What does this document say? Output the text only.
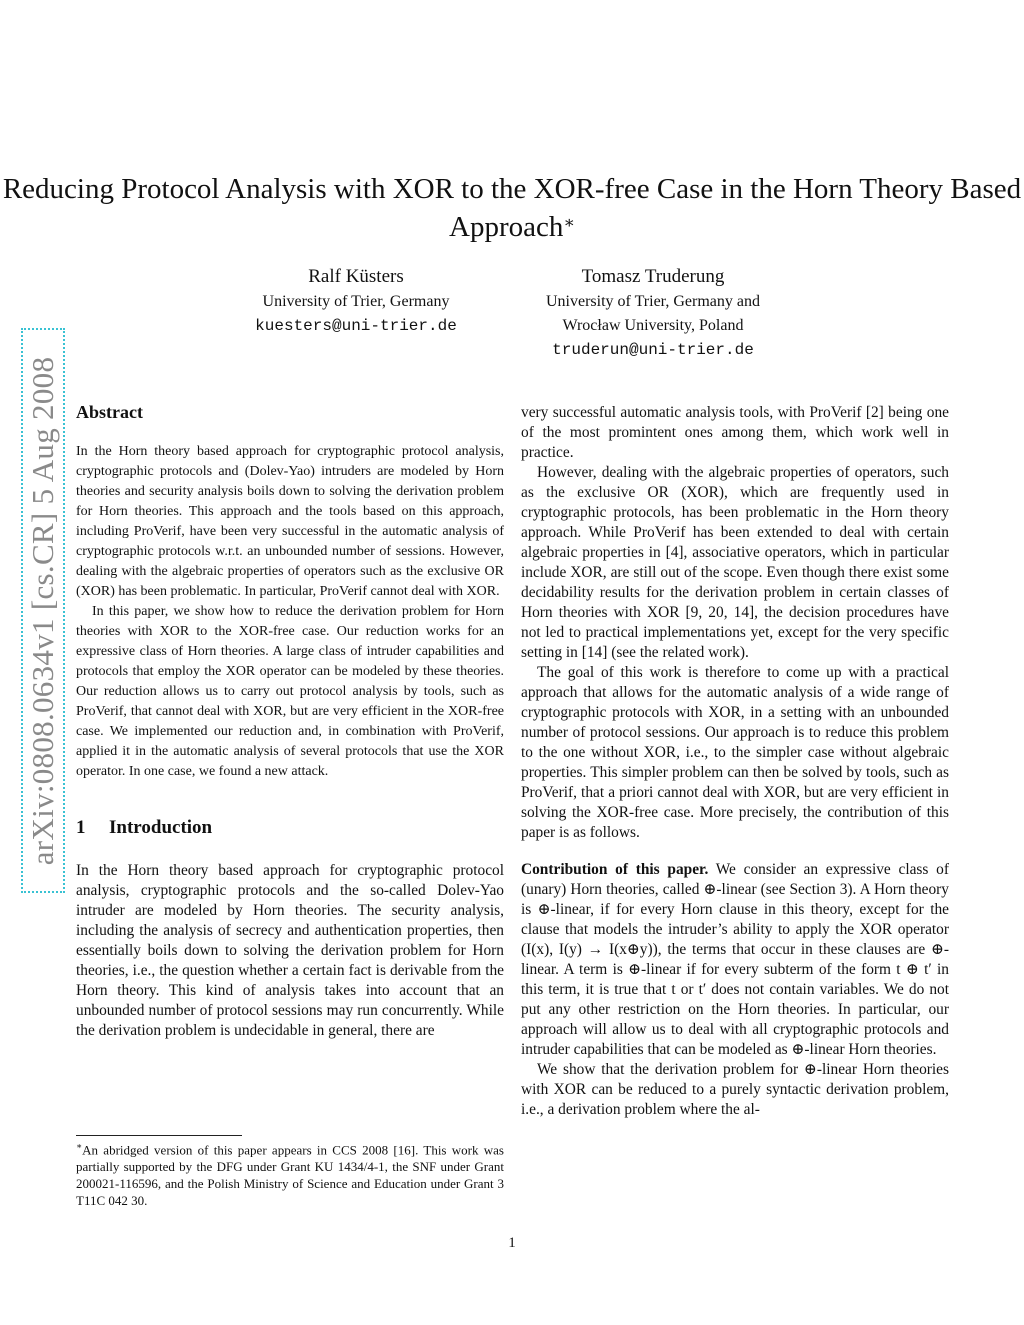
arXiv:0808.0634v1 [cs.CR] 5 Aug 2008
Reducing Protocol Analysis with XOR to the XOR-free Case in the Horn Theory Based Approach∗
Ralf Küsters
University of Trier, Germany
kuesters@uni-trier.de
Tomasz Truderung
University of Trier, Germany and
Wrocław University, Poland
truderun@uni-trier.de
Abstract

In the Horn theory based approach for cryptographic protocol analysis, cryptographic protocols and (Dolev-Yao) intruders are modeled by Horn theories and security analysis boils down to solving the derivation problem for Horn theories. This approach and the tools based on this approach, including ProVerif, have been very successful in the automatic analysis of cryptographic protocols w.r.t. an unbounded number of sessions. However, dealing with the algebraic properties of operators such as the exclusive OR (XOR) has been problematic. In particular, ProVerif cannot deal with XOR.

In this paper, we show how to reduce the derivation problem for Horn theories with XOR to the XOR-free case. Our reduction works for an expressive class of Horn theories. A large class of intruder capabilities and protocols that employ the XOR operator can be modeled by these theories. Our reduction allows us to carry out protocol analysis by tools, such as ProVerif, that cannot deal with XOR, but are very efficient in the XOR-free case. We implemented our reduction and, in combination with ProVerif, applied it in the automatic analysis of several protocols that use the XOR operator. In one case, we found a new attack.

1 Introduction

In the Horn theory based approach for cryptographic protocol analysis, cryptographic protocols and the so-called Dolev-Yao intruder are modeled by Horn theories. The security analysis, including the analysis of secrecy and authentication properties, then essentially boils down to solving the derivation problem for Horn theories, i.e., the question whether a certain fact is derivable from the Horn theory. This kind of analysis takes into account that an unbounded number of protocol sessions may run concurrently. While the derivation problem is undecidable in general, there are

∗An abridged version of this paper appears in CCS 2008 [16]. This work was partially supported by the DFG under Grant KU 1434/4-1, the SNF under Grant 200021-116596, and the Polish Ministry of Science and Education under Grant 3 T11C 042 30.

very successful automatic analysis tools, with ProVerif [2] being one of the most promintent ones among them, which work well in practice.

However, dealing with the algebraic properties of operators, such as the exclusive OR (XOR), which are frequently used in cryptographic protocols, has been problematic in the Horn theory approach. While ProVerif has been extended to deal with certain algebraic properties in [4], associative operators, which in particular include XOR, are still out of the scope. Even though there exist some decidability results for the derivation problem in certain classes of Horn theories with XOR [9, 20, 14], the decision procedures have not led to practical implementations yet, except for the very specific setting in [14] (see the related work).

The goal of this work is therefore to come up with a practical approach that allows for the automatic analysis of a wide range of cryptographic protocols with XOR, in a setting with an unbounded number of protocol sessions. Our approach is to reduce this problem to the one without XOR, i.e., to the simpler case without algebraic properties. This simpler problem can then be solved by tools, such as ProVerif, that a priori cannot deal with XOR, but are very efficient in solving the XOR-free case. More precisely, the contribution of this paper is as follows.

Contribution of this paper. We consider an expressive class of (unary) Horn theories, called ⊕-linear (see Section 3). A Horn theory is ⊕-linear, if for every Horn clause in this theory, except for the clause that models the intruder’s ability to apply the XOR operator (I(x), I(y) → I(x⊕y)), the terms that occur in these clauses are ⊕-linear. A term is ⊕-linear if for every subterm of the form t ⊕ t′ in this term, it is true that t or t′ does not contain variables. We do not put any other restriction on the Horn theories. In particular, our approach will allow us to deal with all cryptographic protocols and intruder capabilities that can be modeled as ⊕-linear Horn theories.

We show that the derivation problem for ⊕-linear Horn theories with XOR can be reduced to a purely syntactic derivation problem, i.e., a derivation problem where the al-

1
